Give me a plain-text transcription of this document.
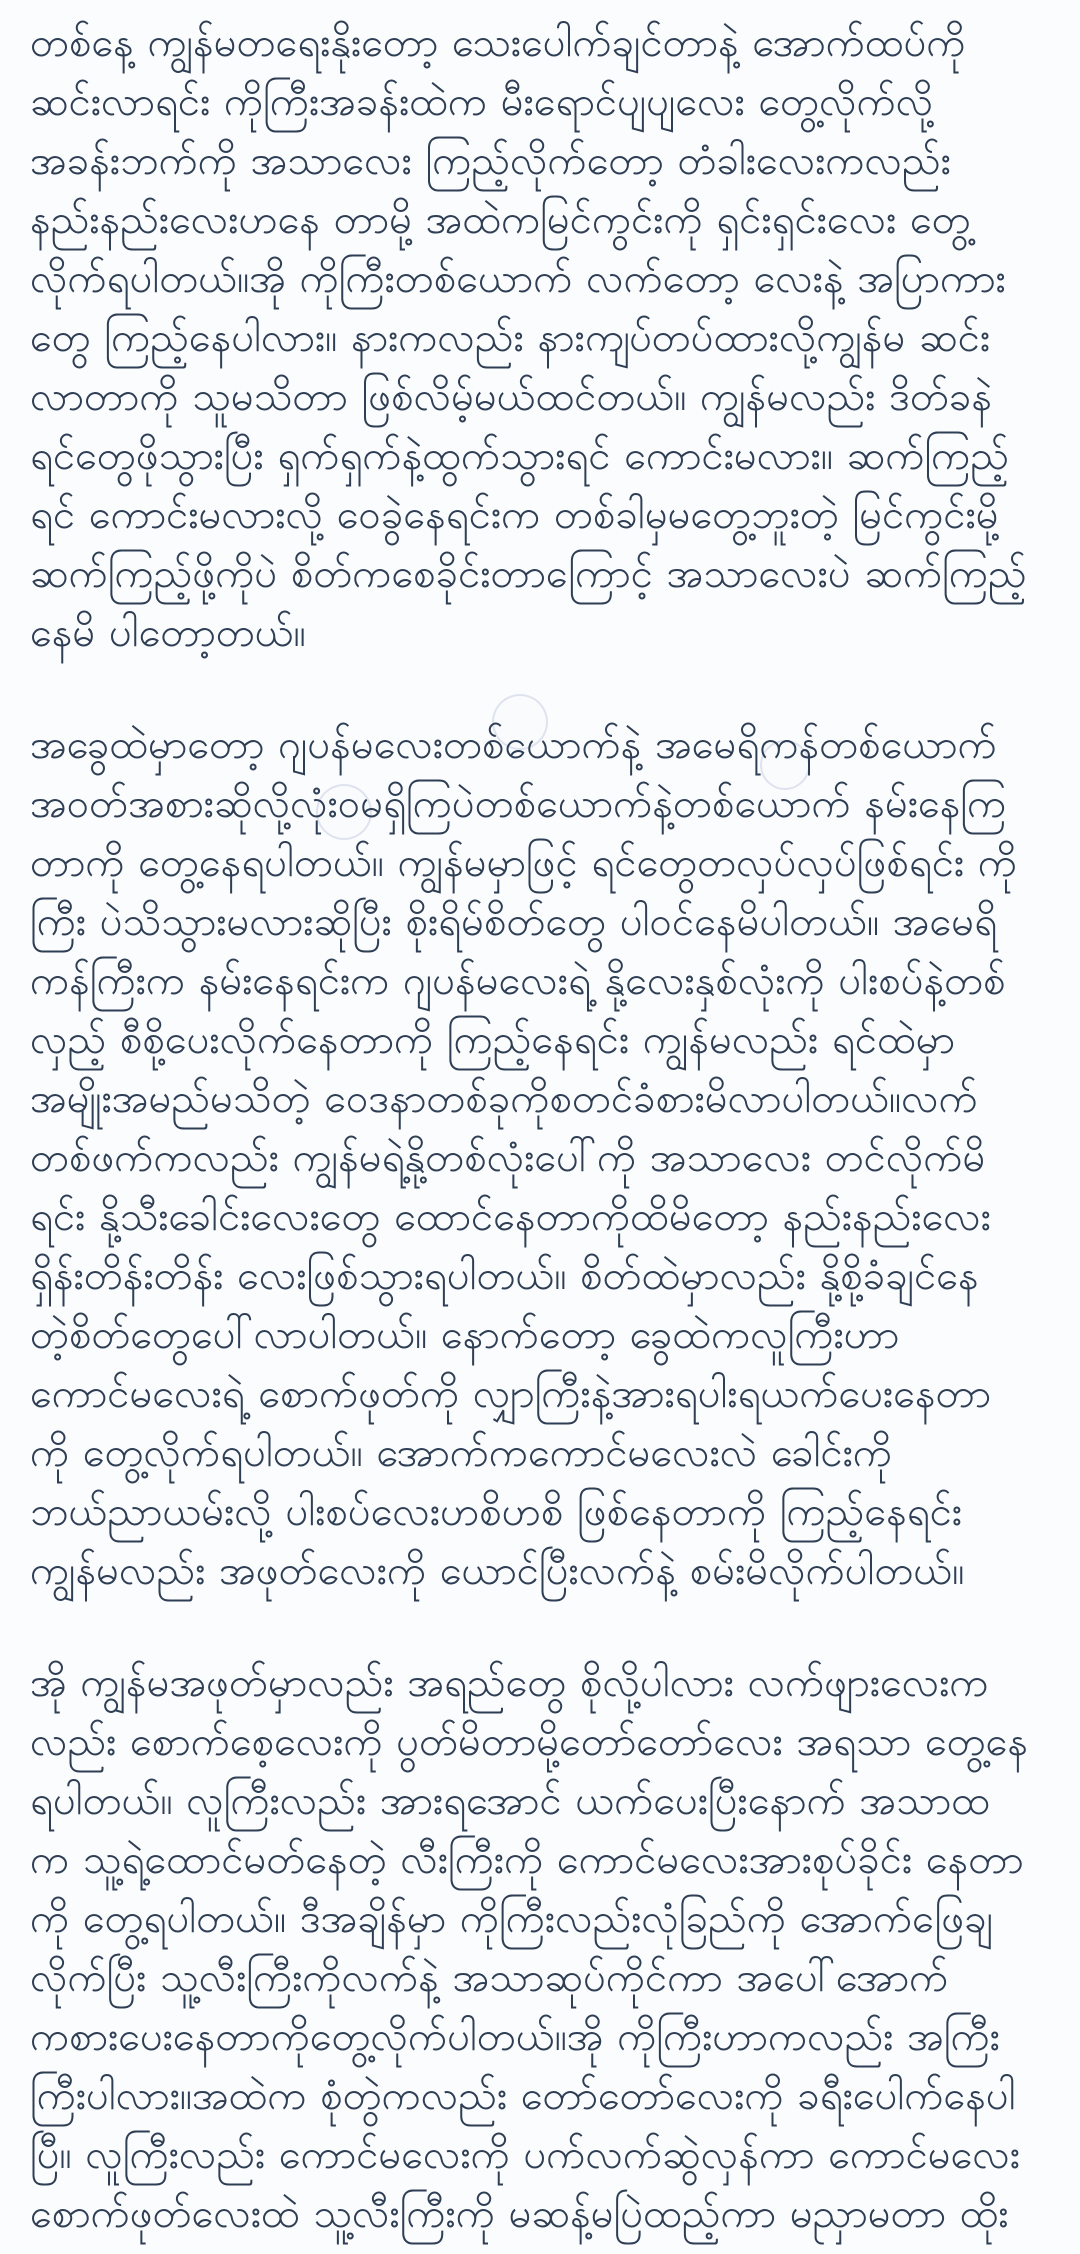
တစ်နေ့ ကျွန်မတရေးနိုးတော့ သေးပေါက်ချင်တာနဲ့ အောက်ထပ်ကို
ဆင်းလာရင်း ကိုကြီးအခန်းထဲက မီးရောင်ပျပျလေး တွေ့လိုက်လို့
အခန်းဘက်ကို အသာလေး ကြည့်လိုက်တော့ တံခါးလေးကလည်း
နည်းနည်းလေးဟနေ တာမို့ အထဲကမြင်ကွင်းကို ရှင်းရှင်းလေး တွေ့
လိုက်ရပါတယ်။အို ကိုကြီးတစ်ယောက် လက်တော့ လေးနဲ့ အပြာကား
တွေ ကြည့်နေပါလား။ နားကလည်း နားကျပ်တပ်ထားလို့ကျွန်မ ဆင်း
လာတာကို သူမသိတာ ဖြစ်လိမ့်မယ်ထင်တယ်။ ကျွန်မလည်း ဒိတ်ခနဲ
ရင်တွေဖိုသွားပြီး ရှက်ရှက်နဲ့ထွက်သွားရင် ကောင်းမလား။ ဆက်ကြည့်
ရင် ကောင်းမလားလို့ ဝေခွဲနေရင်းက တစ်ခါမှမတွေ့ဘူးတဲ့ မြင်ကွင်းမို့
ဆက်ကြည့်ဖို့ကိုပဲ စိတ်ကစေခိုင်းတာကြောင့် အသာလေးပဲ ဆက်ကြည့်
နေမိ ပါတော့တယ်။

အခွေထဲမှာတော့ ဂျပန်မလေးတစ်ယောက်နဲ့ အမေရိကန်တစ်ယောက်
အဝတ်အစားဆိုလို့လုံးဝမရှိကြပဲတစ်ယောက်နဲ့တစ်ယောက် နမ်းနေကြ
တာကို တွေ့နေရပါတယ်။ ကျွန်မမှာဖြင့် ရင်တွေတလှပ်လှပ်ဖြစ်ရင်း ကို
ကြီး ပဲသိသွားမလားဆိုပြီး စိုးရိမ်စိတ်တွေ ပါဝင်နေမိပါတယ်။ အမေရိ
ကန်ကြီးက နမ်းနေရင်းက ဂျပန်မလေးရဲ့ နို့လေးနှစ်လုံးကို ပါးစပ်နဲ့တစ်
လှည့် စီစို့ပေးလိုက်နေတာကို ကြည့်နေရင်း ကျွန်မလည်း ရင်ထဲမှာ
အမျိုးအမည်မသိတဲ့ ဝေဒနာတစ်ခုကိုစတင်ခံစားမိလာပါတယ်။လက်
တစ်ဖက်ကလည်း ကျွန်မရဲ့နို့တစ်လုံးပေါ်ကို အသာလေး တင်လိုက်မိ
ရင်း နို့သီးခေါင်းလေးတွေ ထောင်နေတာကိုထိမိတော့ နည်းနည်းလေး
ရှိန်းတိန်းတိန်း လေးဖြစ်သွားရပါတယ်။ စိတ်ထဲမှာလည်း နို့စို့ခံချင်နေ
တဲ့စိတ်တွေပေါ်လာပါတယ်။ နောက်တော့ ခွေထဲကလူကြီးဟာ
ကောင်မလေးရဲ့ စောက်ဖုတ်ကို လျှာကြီးနဲ့အားရပါးရယက်ပေးနေတာ
ကို တွေ့လိုက်ရပါတယ်။ အောက်ကကောင်မလေးလဲ ခေါင်းကို
ဘယ်ညာယမ်းလို့ ပါးစပ်လေးဟစိဟစိ ဖြစ်နေတာကို ကြည့်နေရင်း
ကျွန်မလည်း အဖုတ်လေးကို ယောင်ပြီးလက်နဲ့ စမ်းမိလိုက်ပါတယ်။

အို ကျွန်မအဖုတ်မှာလည်း အရည်တွေ စိုလို့ပါလား လက်ဖျားလေးက
လည်း စောက်စေ့လေးကို ပွတ်မိတာမို့တော်တော်လေး အရသာ တွေ့နေ
ရပါတယ်။ လူကြီးလည်း အားရအောင် ယက်ပေးပြီးနောက် အသာထ
က သူ့ရဲ့ထောင်မတ်နေတဲ့ လီးကြီးကို ကောင်မလေးအားစုပ်ခိုင်း နေတာ
ကို တွေ့ရပါတယ်။ ဒီအချိန်မှာ ကိုကြီးလည်းလုံခြည်ကို အောက်ဖြေချ
လိုက်ပြီး သူ့လီးကြီးကိုလက်နဲ့ အသာဆုပ်ကိုင်ကာ အပေါ်အောက်
ကစားပေးနေတာကိုတွေ့လိုက်ပါတယ်။အို ကိုကြီးဟာကလည်း အကြီး
ကြီးပါလား။အထဲက စုံတွဲကလည်း တော်တော်လေးကို ခရီးပေါက်နေပါ
ပြီ။ လူကြီးလည်း ကောင်မလေးကို ပက်လက်ဆွဲလှန်ကာ ကောင်မလေး
စောက်ဖုတ်လေးထဲ သူ့လီးကြီးကို မဆန့်မပြဲထည့်ကာ မညှာမတာ ထိုး
